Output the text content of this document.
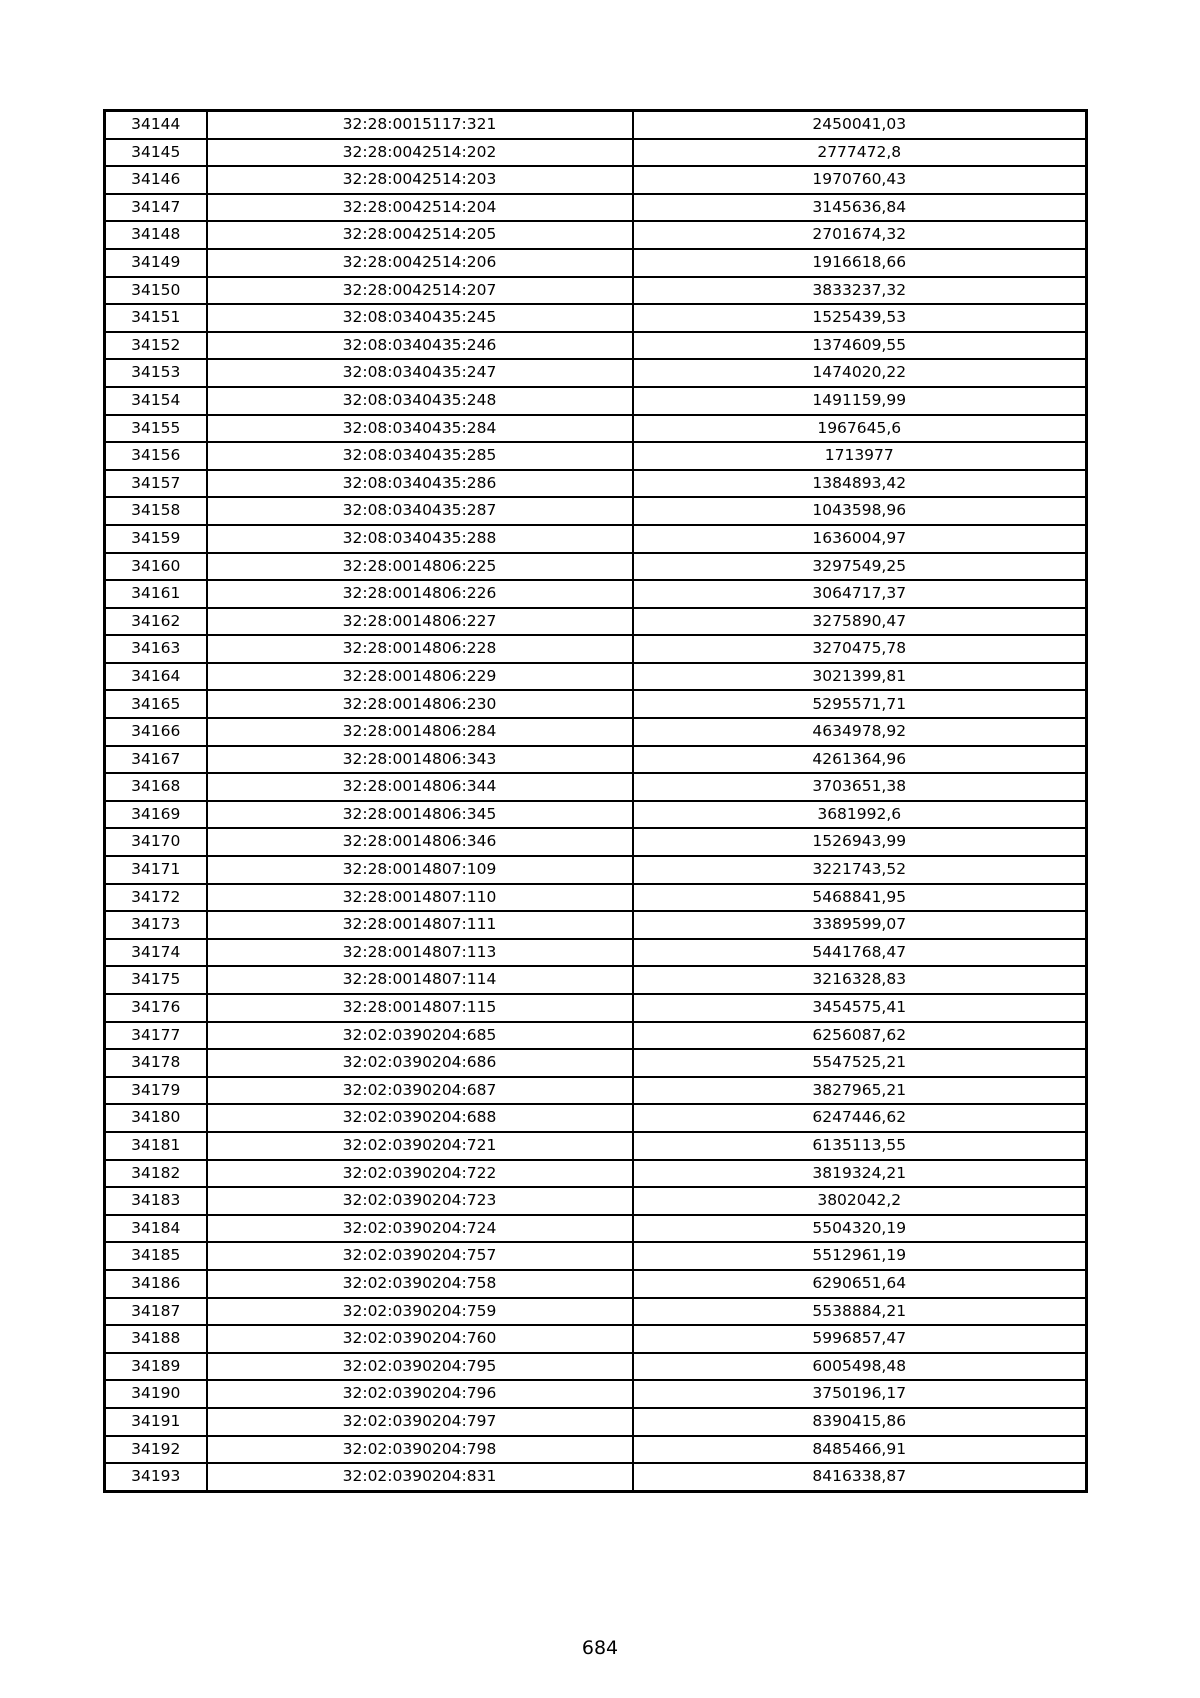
34144	32:28:0015117:321	2450041,03
34145	32:28:0042514:202	2777472,8
34146	32:28:0042514:203	1970760,43
34147	32:28:0042514:204	3145636,84
34148	32:28:0042514:205	2701674,32
34149	32:28:0042514:206	1916618,66
34150	32:28:0042514:207	3833237,32
34151	32:08:0340435:245	1525439,53
34152	32:08:0340435:246	1374609,55
34153	32:08:0340435:247	1474020,22
34154	32:08:0340435:248	1491159,99
34155	32:08:0340435:284	1967645,6
34156	32:08:0340435:285	1713977
34157	32:08:0340435:286	1384893,42
34158	32:08:0340435:287	1043598,96
34159	32:08:0340435:288	1636004,97
34160	32:28:0014806:225	3297549,25
34161	32:28:0014806:226	3064717,37
34162	32:28:0014806:227	3275890,47
34163	32:28:0014806:228	3270475,78
34164	32:28:0014806:229	3021399,81
34165	32:28:0014806:230	5295571,71
34166	32:28:0014806:284	4634978,92
34167	32:28:0014806:343	4261364,96
34168	32:28:0014806:344	3703651,38
34169	32:28:0014806:345	3681992,6
34170	32:28:0014806:346	1526943,99
34171	32:28:0014807:109	3221743,52
34172	32:28:0014807:110	5468841,95
34173	32:28:0014807:111	3389599,07
34174	32:28:0014807:113	5441768,47
34175	32:28:0014807:114	3216328,83
34176	32:28:0014807:115	3454575,41
34177	32:02:0390204:685	6256087,62
34178	32:02:0390204:686	5547525,21
34179	32:02:0390204:687	3827965,21
34180	32:02:0390204:688	6247446,62
34181	32:02:0390204:721	6135113,55
34182	32:02:0390204:722	3819324,21
34183	32:02:0390204:723	3802042,2
34184	32:02:0390204:724	5504320,19
34185	32:02:0390204:757	5512961,19
34186	32:02:0390204:758	6290651,64
34187	32:02:0390204:759	5538884,21
34188	32:02:0390204:760	5996857,47
34189	32:02:0390204:795	6005498,48
34190	32:02:0390204:796	3750196,17
34191	32:02:0390204:797	8390415,86
34192	32:02:0390204:798	8485466,91
34193	32:02:0390204:831	8416338,87
684
